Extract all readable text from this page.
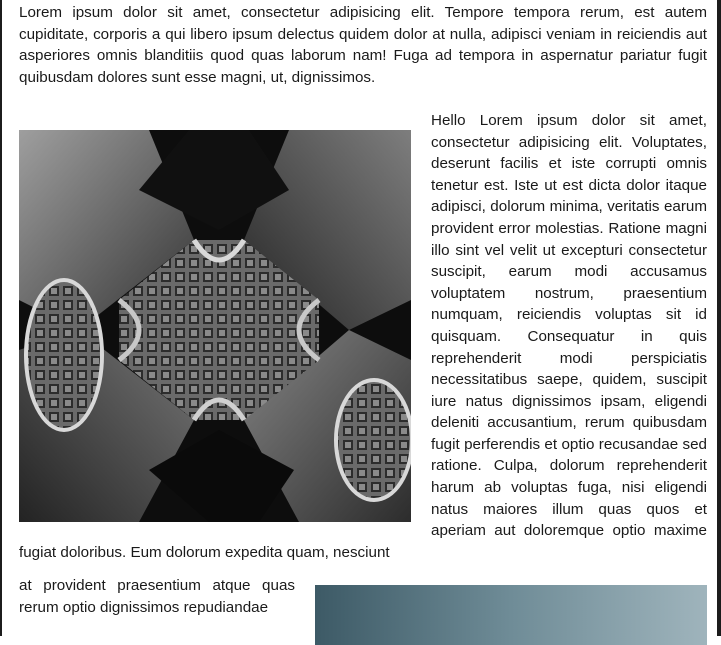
Lorem ipsum dolor sit amet, consectetur adipisicing elit. Tempore tempora rerum, est autem cupiditate, corporis a qui libero ipsum delectus quidem dolor at nulla, adipisci veniam in reiciendis aut asperiores omnis blanditiis quod quas laborum nam! Fuga ad tempora in aspernatur pariatur fugit quibusdam dolores sunt esse magni, ut, dignissimos.

Hello Lorem ipsum dolor sit amet, consectetur adipisicing elit. Voluptates, deserunt facilis et iste corrupti omnis tenetur est. Iste ut est dicta dolor itaque adipisci, dolorum minima, veritatis earum provident error molestias. Ratione magni illo sint vel velit ut excepturi consectetur suscipit, earum modi accusamus voluptatem nostrum, praesentium numquam, reiciendis voluptas sit id quisquam. Consequatur in quis reprehenderit modi perspiciatis necessitatibus saepe, quidem, suscipit iure natus dignissimos ipsam, eligendi deleniti accusantium, rerum quibusdam fugit perferendis et optio recusandae sed ratione. Culpa, dolorum reprehenderit harum ab voluptas fuga, nisi eligendi natus maiores illum quas quos et aperiam aut doloremque optio maxime fugiat doloribus. Eum dolorum expedita quam, nesciunt

at provident praesentium atque quas rerum optio dignissimos repudiandae
